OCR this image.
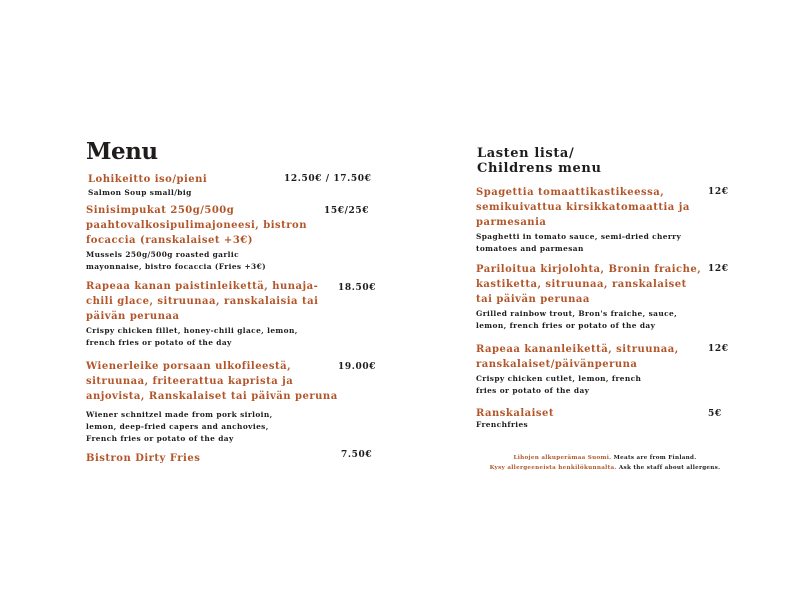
Menu
Lohikeitto iso/pieni
Salmon Soup small/big
12.50€ / 17.50€
Sinisimpukat 250g/500g paahtovalkosipulimajoneesi, bistron focaccia (ranskalaiset +3€)
Mussels 250g/500g roasted garlic mayonnaise, bistro focaccia (Fries +3€)
15€/25€
Rapeaa kanan paistinleikettä, hunaja-chili glace, sitruunaa, ranskalaisia tai päivän perunaa
Crispy chicken fillet, honey-chili glace, lemon, french fries or potato of the day
18.50€
Wienerleike porsaan ulkofileestä, sitruunaa, friteerattua kaprista ja anjovista, Ranskalaiset tai päivän peruna
Wiener schnitzel made from pork sirloin, lemon, deep-fried capers and anchovies, French fries or potato of the day
19.00€
Bistron Dirty Fries	7.50€
Lasten lista/
Childrens menu
Spagettia tomaattikastikeessa, semikuivattua kirsikkatomaattia ja parmesania
Spaghetti in tomato sauce, semi-dried cherry tomatoes and parmesan
12€
Pariloitua kirjolohta, Bronin fraiche, kastiketta, sitruunaa, ranskalaiset tai päivän perunaa
Grilled rainbow trout, Bron's fraiche, sauce, lemon, french fries or potato of the day
12€
Rapeaa kananleikettä, sitruunaa, ranskalaiset/päivänperuna
Crispy chicken cutlet, lemon, french fries or potato of the day
12€
Ranskalaiset
Frenchfries
5€
Lihojen alkuperämaa Suomi. Meats are from Finland.
Kysy allergeeneista henkilökunnalta. Ask the staff about allergens.
